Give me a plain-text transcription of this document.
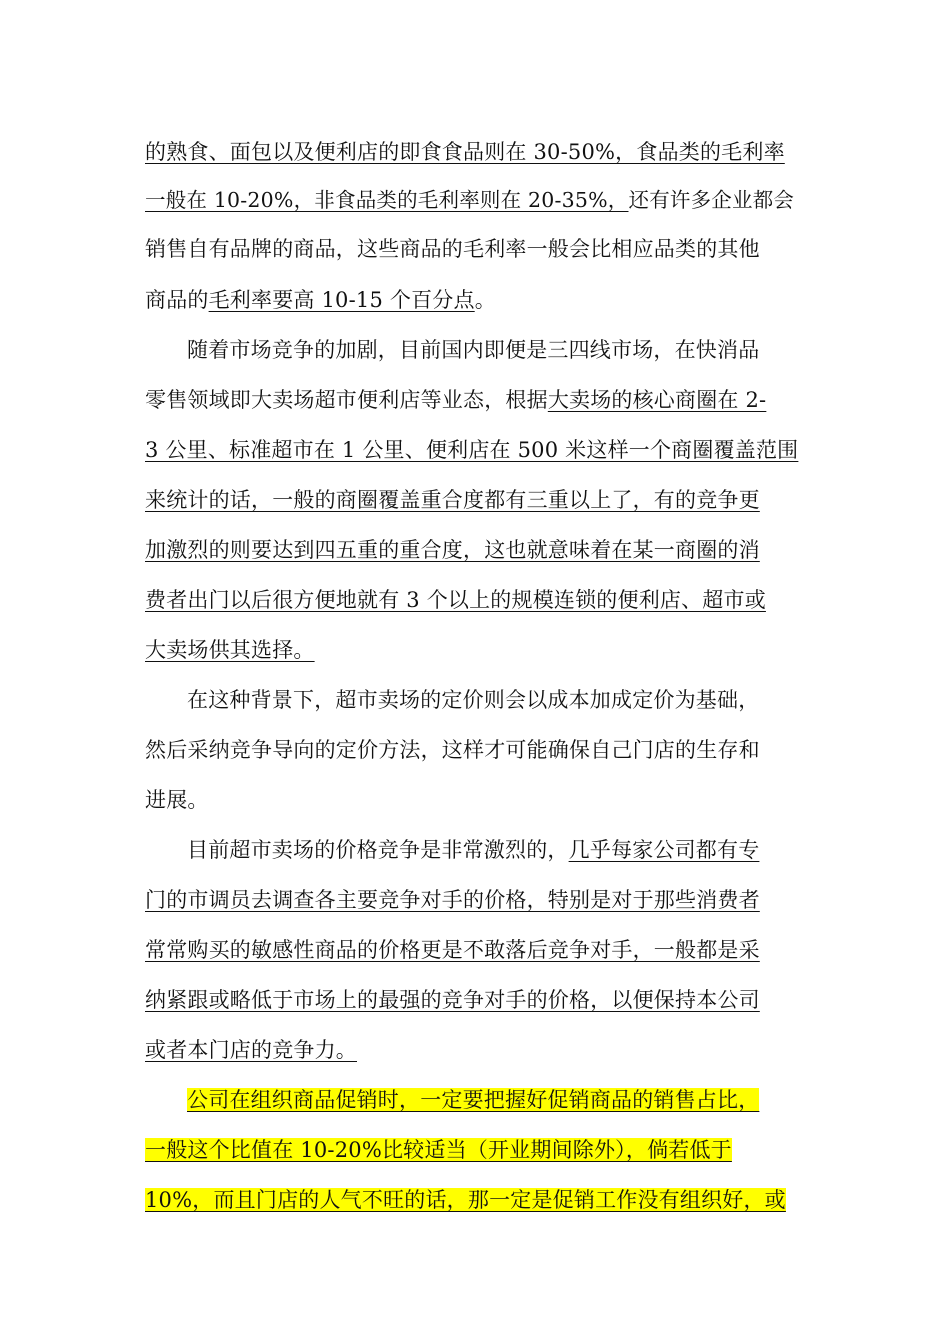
的熟食、面包以及便利店的即食食品则在 30-50%，食品类的毛利率
一般在 10-20%，非食品类的毛利率则在 20-35%，还有许多企业都会
销售自有品牌的商品，这些商品的毛利率一般会比相应品类的其他
商品的毛利率要高 10-15 个百分点。
随着市场竞争的加剧，目前国内即便是三四线市场，在快消品
零售领域即大卖场超市便利店等业态，根据大卖场的核心商圈在 2-
3 公里、标准超市在 1 公里、便利店在 500 米这样一个商圈覆盖范围
来统计的话，一般的商圈覆盖重合度都有三重以上了，有的竞争更
加激烈的则要达到四五重的重合度，这也就意味着在某一商圈的消
费者出门以后很方便地就有 3 个以上的规模连锁的便利店、超市或
大卖场供其选择。
在这种背景下，超市卖场的定价则会以成本加成定价为基础，
然后采纳竞争导向的定价方法，这样才可能确保自己门店的生存和
进展。
目前超市卖场的价格竞争是非常激烈的，几乎每家公司都有专
门的市调员去调查各主要竞争对手的价格，特别是对于那些消费者
常常购买的敏感性商品的价格更是不敢落后竞争对手，一般都是采
纳紧跟或略低于市场上的最强的竞争对手的价格，以便保持本公司
或者本门店的竞争力。
公司在组织商品促销时，一定要把握好促销商品的销售占比，
一般这个比值在 10-20%比较适当（开业期间除外），倘若低于
10%，而且门店的人气不旺的话，那一定是促销工作没有组织好，或
